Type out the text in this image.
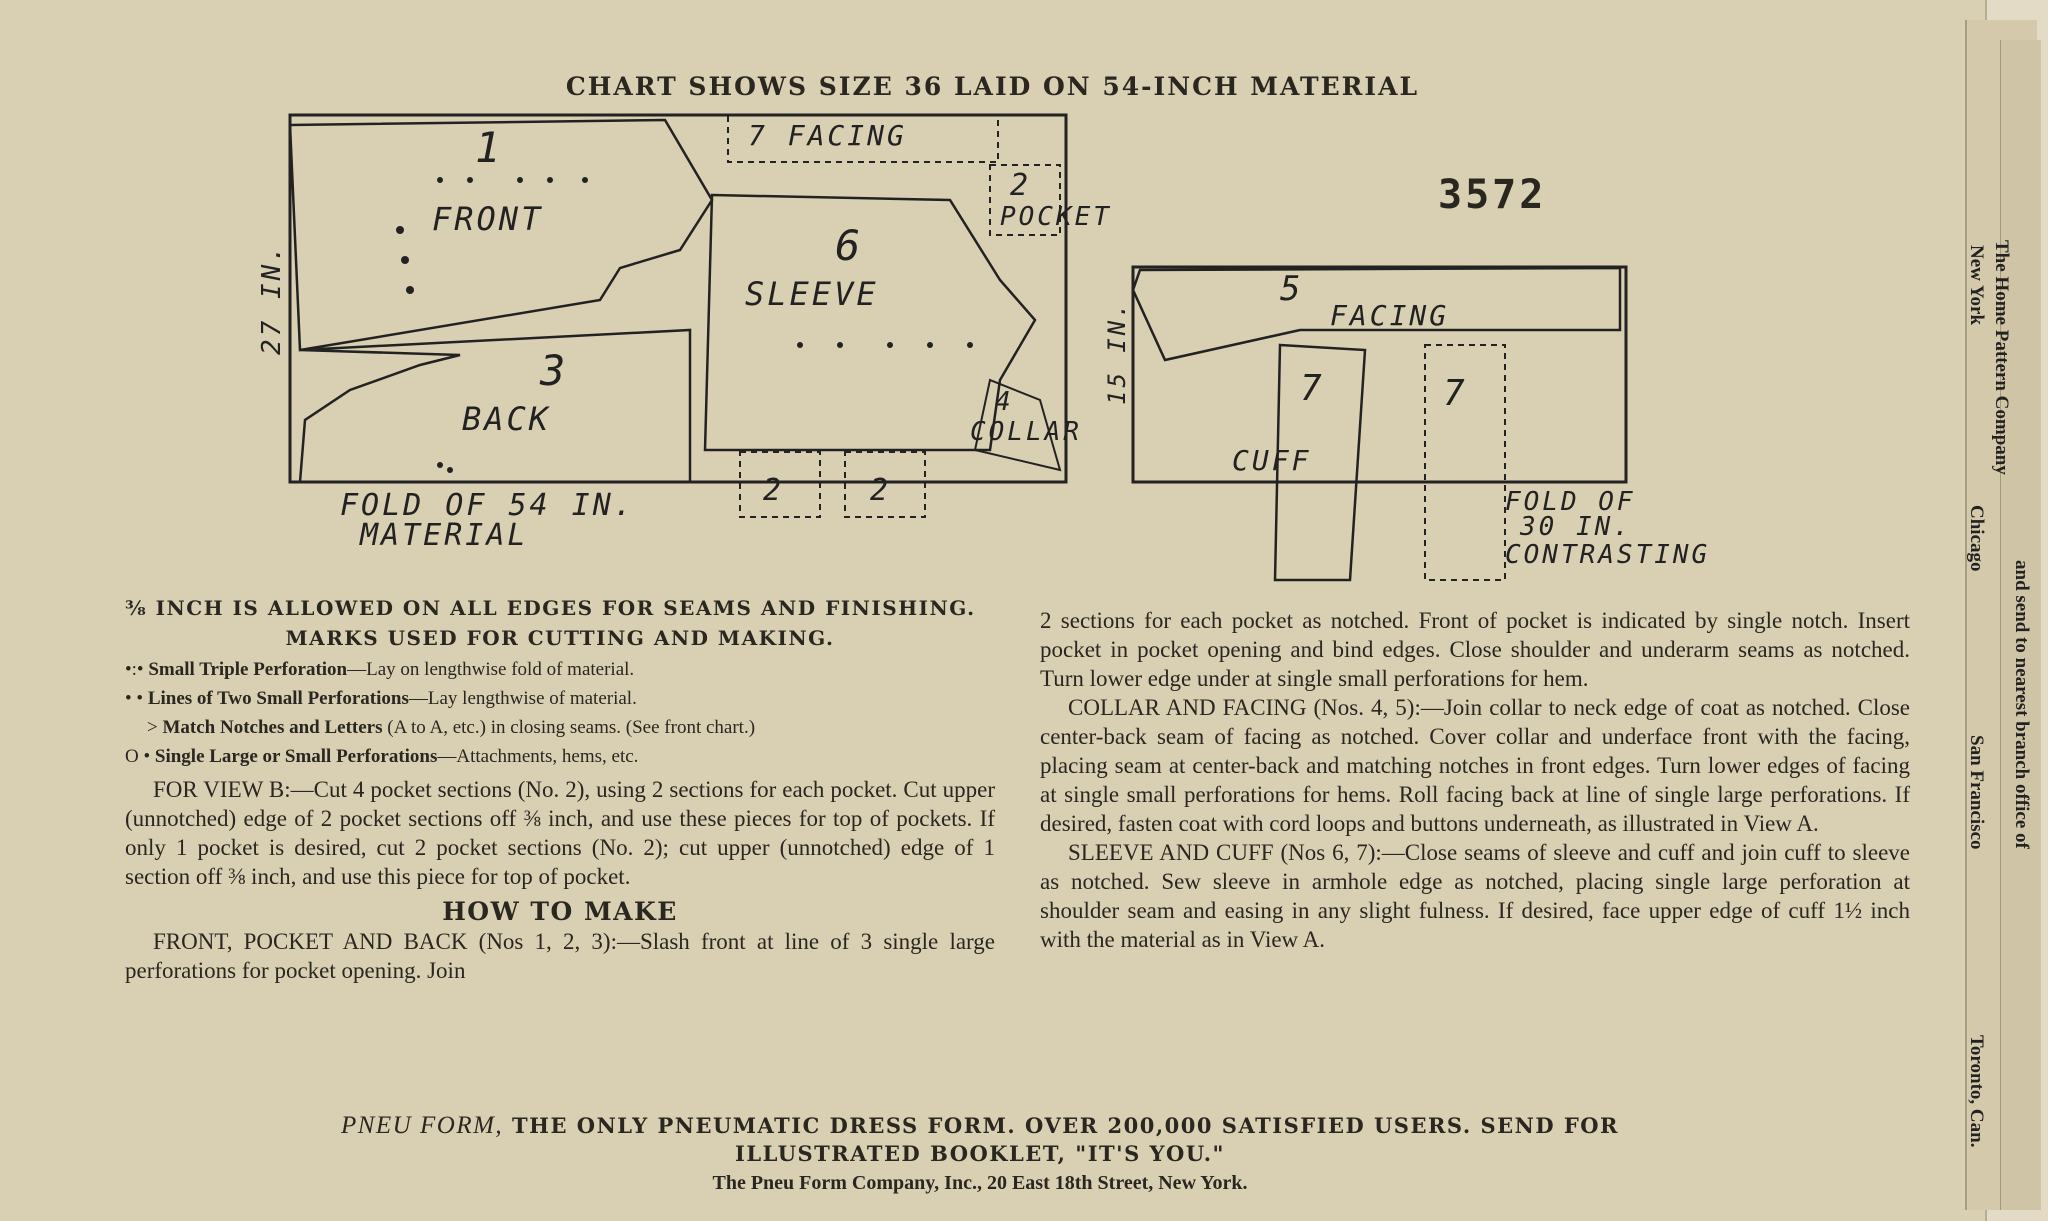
CHART SHOWS SIZE 36 LAID ON 54-INCH MATERIAL
3572
1
FRONT
3
BACK
6
SLEEVE
7 FACING
2
POCKET
4
COLLAR
2	2
5
FACING
7
CUFF
7
27 IN.	15 IN.
FOLD OF 54 IN.
MATERIAL
FOLD OF
30 IN.
CONTRASTING
⅜ INCH IS ALLOWED ON ALL EDGES FOR SEAMS AND FINISHING.
MARKS USED FOR CUTTING AND MAKING.
•:• Small Triple Perforation—Lay on lengthwise fold of material.
• • Lines of Two Small Perforations—Lay lengthwise of material.
> Match Notches and Letters (A to A, etc.) in closing seams. (See front chart.)
O • Single Large or Small Perforations—Attachments, hems, etc.
FOR VIEW B:—Cut 4 pocket sections (No. 2), using 2 sections for each pocket. Cut upper (unnotched) edge of 2 pocket sections off ⅜ inch, and use these pieces for top of pockets. If only 1 pocket is desired, cut 2 pocket sections (No. 2); cut upper (unnotched) edge of 1 section off ⅜ inch, and use this piece for top of pocket.
HOW TO MAKE
FRONT, POCKET AND BACK (Nos 1, 2, 3):—Slash front at line of 3 single large perforations for pocket opening. Join
2 sections for each pocket as notched. Front of pocket is indicated by single notch. Insert pocket in pocket opening and bind edges. Close shoulder and underarm seams as notched. Turn lower edge under at single small perforations for hem.
COLLAR AND FACING (Nos. 4, 5):—Join collar to neck edge of coat as notched. Close center-back seam of facing as notched. Cover collar and underface front with the facing, placing seam at center-back and matching notches in front edges. Turn lower edges of facing at single small perforations for hems. Roll facing back at line of single large perforations. If desired, fasten coat with cord loops and buttons underneath, as illustrated in View A.
SLEEVE AND CUFF (Nos 6, 7):—Close seams of sleeve and cuff and join cuff to sleeve as notched. Sew sleeve in armhole edge as notched, placing single large perforation at shoulder seam and easing in any slight fulness. If desired, face upper edge of cuff 1½ inch with the material as in View A.
PNEU FORM, THE ONLY PNEUMATIC DRESS FORM. OVER 200,000 SATISFIED USERS. SEND FOR
ILLUSTRATED BOOKLET, "IT'S YOU."
The Pneu Form Company, Inc., 20 East 18th Street, New York.
New York
Chicago
San Francisco
Toronto, Can.
The Home Pattern Company
and send to nearest branch office of
